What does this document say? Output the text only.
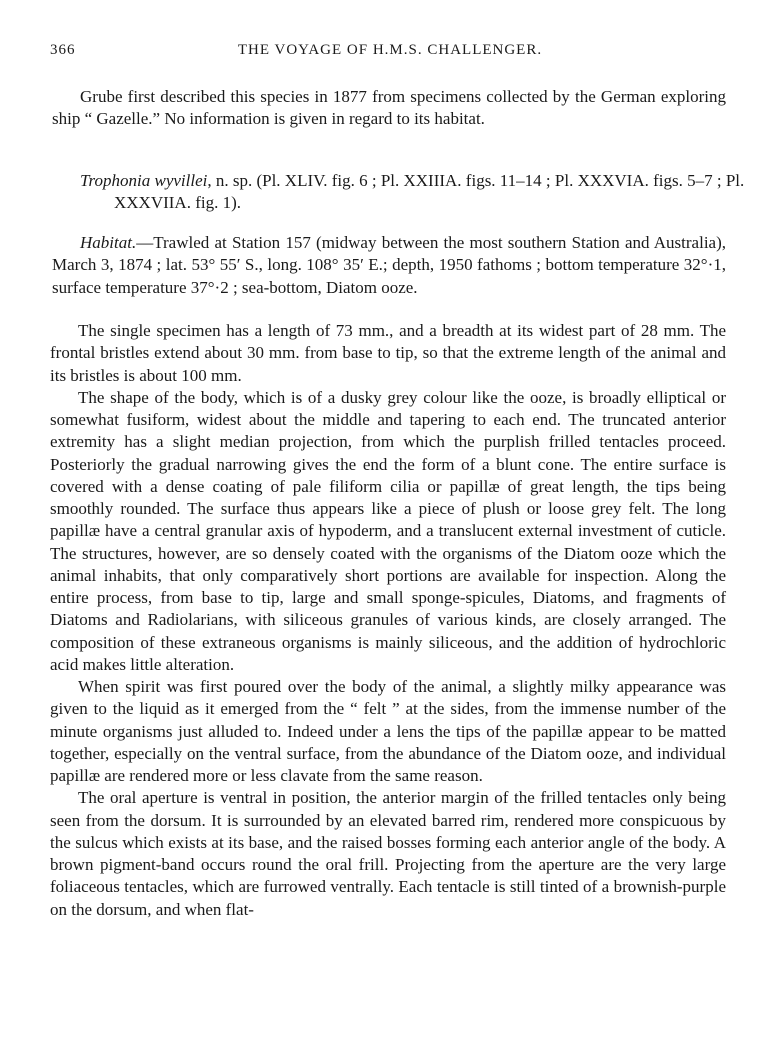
366	THE VOYAGE OF H.M.S. CHALLENGER.

Grube first described this species in 1877 from specimens collected by the German exploring ship “ Gazelle.” No information is given in regard to its habitat.

Trophonia wyvillei, n. sp. (Pl. XLIV. fig. 6 ; Pl. XXIIIA. figs. 11–14 ; Pl. XXXVIA. figs. 5–7 ; Pl. XXXVIIA. fig. 1).

Habitat.—Trawled at Station 157 (midway between the most southern Station and Australia), March 3, 1874 ; lat. 53° 55′ S., long. 108° 35′ E.; depth, 1950 fathoms ; bottom temperature 32°·1, surface temperature 37°·2 ; sea-bottom, Diatom ooze.

The single specimen has a length of 73 mm., and a breadth at its widest part of 28 mm. The frontal bristles extend about 30 mm. from base to tip, so that the extreme length of the animal and its bristles is about 100 mm.

The shape of the body, which is of a dusky grey colour like the ooze, is broadly elliptical or somewhat fusiform, widest about the middle and tapering to each end. The truncated anterior extremity has a slight median projection, from which the purplish frilled tentacles proceed. Posteriorly the gradual narrowing gives the end the form of a blunt cone. The entire surface is covered with a dense coating of pale filiform cilia or papillæ of great length, the tips being smoothly rounded. The surface thus appears like a piece of plush or loose grey felt. The long papillæ have a central granular axis of hypoderm, and a translucent external investment of cuticle. The structures, however, are so densely coated with the organisms of the Diatom ooze which the animal inhabits, that only comparatively short portions are available for inspection. Along the entire process, from base to tip, large and small sponge-spicules, Diatoms, and fragments of Diatoms and Radiolarians, with siliceous granules of various kinds, are closely arranged. The composition of these extraneous organisms is mainly siliceous, and the addition of hydrochloric acid makes little alteration.

When spirit was first poured over the body of the animal, a slightly milky appearance was given to the liquid as it emerged from the “ felt ” at the sides, from the immense number of the minute organisms just alluded to. Indeed under a lens the tips of the papillæ appear to be matted together, especially on the ventral surface, from the abundance of the Diatom ooze, and individual papillæ are rendered more or less clavate from the same reason.

The oral aperture is ventral in position, the anterior margin of the frilled tentacles only being seen from the dorsum. It is surrounded by an elevated barred rim, rendered more conspicuous by the sulcus which exists at its base, and the raised bosses forming each anterior angle of the body. A brown pigment-band occurs round the oral frill. Projecting from the aperture are the very large foliaceous tentacles, which are furrowed ventrally. Each tentacle is still tinted of a brownish-purple on the dorsum, and when flat-
